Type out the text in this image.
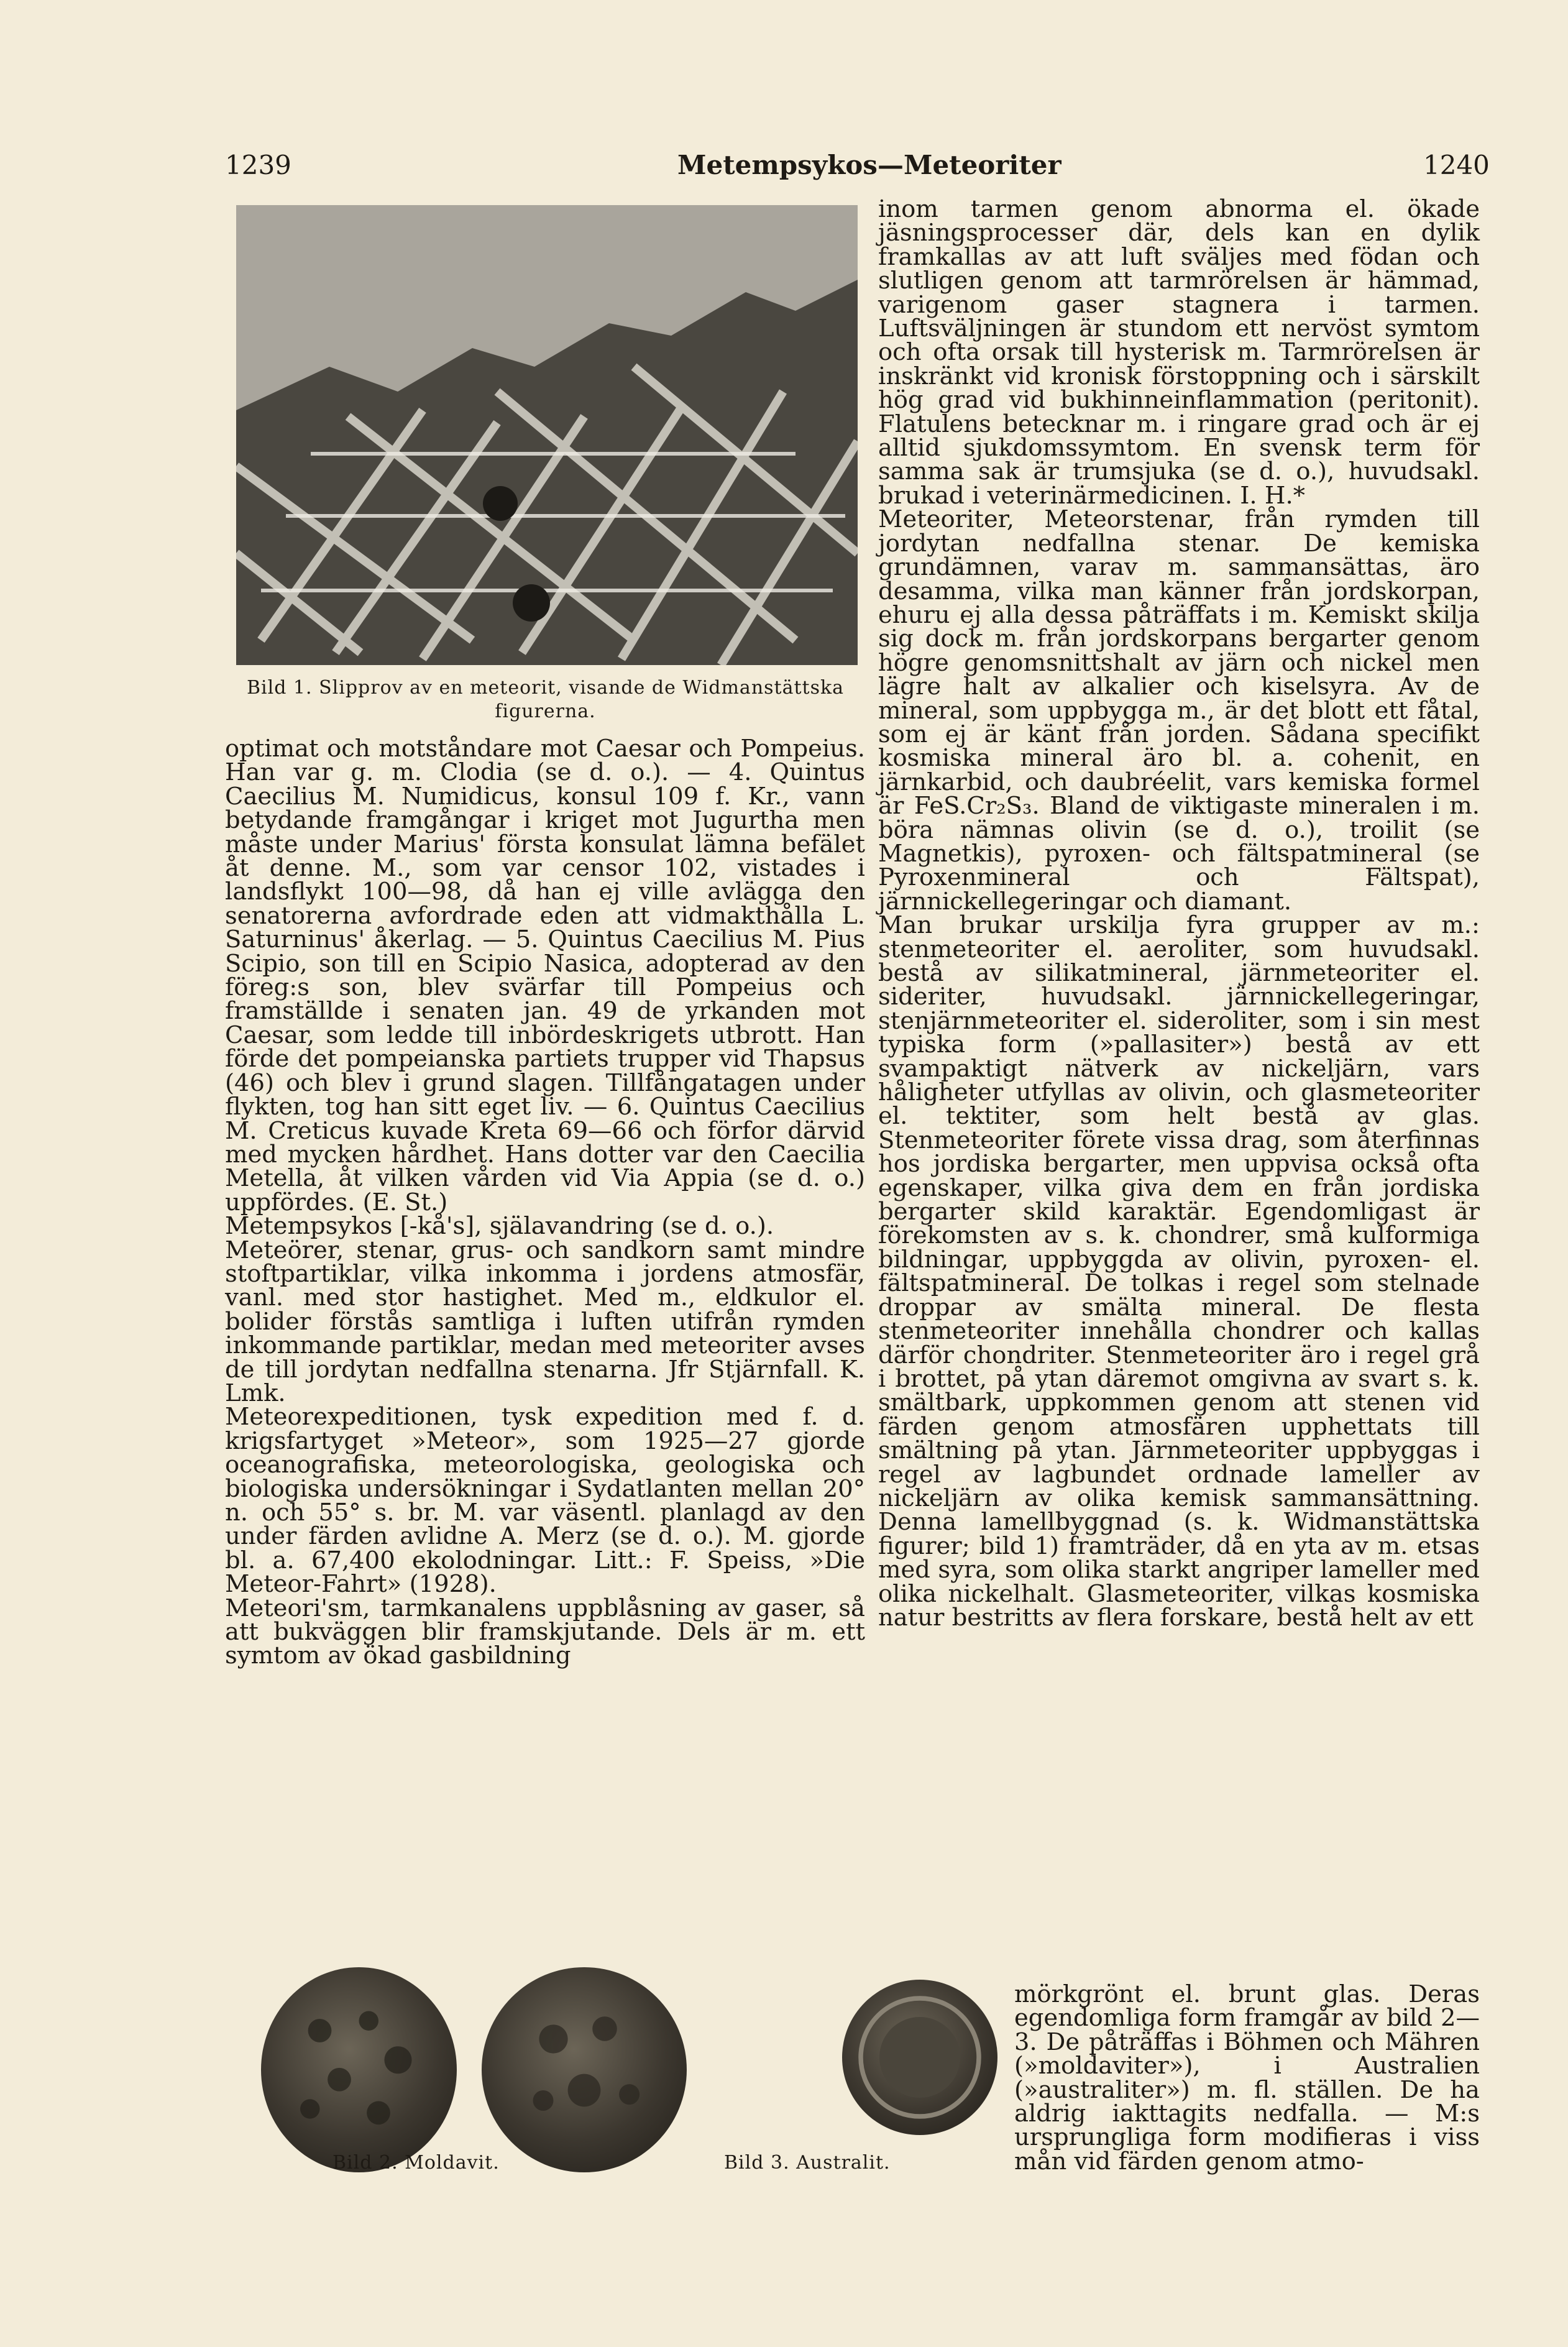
1239	Metempsykos—Meteoriter	1240
Bild 1. Slipprov av en meteorit, visande de Widmanstättska figurerna.

optimat och motståndare mot Caesar och Pompeius. Han var g. m. Clodia (se d. o.). — 4. Quintus Caecilius M. Numidicus, konsul 109 f. Kr., vann betydande framgångar i kriget mot Jugurtha men måste under Marius' första konsulat lämna befälet åt denne. M., som var censor 102, vistades i landsflykt 100—98, då han ej ville avlägga den senatorerna avfordrade eden att vidmakthålla L. Saturninus' åkerlag. — 5. Quintus Caecilius M. Pius Scipio, son till en Scipio Nasica, adopterad av den föreg:s son, blev svärfar till Pompeius och framställde i senaten jan. 49 de yrkanden mot Caesar, som ledde till inbördeskrigets utbrott. Han förde det pompeianska partiets trupper vid Thapsus (46) och blev i grund slagen. Tillfångatagen under flykten, tog han sitt eget liv. — 6. Quintus Caecilius M. Creticus kuvade Kreta 69—66 och förfor därvid med mycken hårdhet. Hans dotter var den Caecilia Metella, åt vilken vården vid Via Appia (se d. o.) uppfördes. (E. St.)

Metempsykos [-kå's], själavandring (se d. o.).

Meteörer, stenar, grus- och sandkorn samt mindre stoftpartiklar, vilka inkomma i jordens atmosfär, vanl. med stor hastighet. Med m., eldkulor el. bolider förstås samtliga i luften utifrån rymden inkommande partiklar, medan med meteoriter avses de till jordytan nedfallna stenarna. Jfr Stjärnfall. K. Lmk.

Meteorexpeditionen, tysk expedition med f. d. krigsfartyget »Meteor», som 1925—27 gjorde oceanografiska, meteorologiska, geologiska och biologiska undersökningar i Sydatlanten mellan 20° n. och 55° s. br. M. var väsentl. planlagd av den under färden avlidne A. Merz (se d. o.). M. gjorde bl. a. 67,400 ekolodningar. Litt.: F. Speiss, »Die Meteor-Fahrt» (1928).

Meteori'sm, tarmkanalens uppblåsning av gaser, så att bukväggen blir framskjutande. Dels är m. ett symtom av ökad gasbildning

inom tarmen genom abnorma el. ökade jäsningsprocesser där, dels kan en dylik framkallas av att luft sväljes med födan och slutligen genom att tarmrörelsen är hämmad, varigenom gaser stagnera i tarmen. Luftsväljningen är stundom ett nervöst symtom och ofta orsak till hysterisk m. Tarmrörelsen är inskränkt vid kronisk förstoppning och i särskilt hög grad vid bukhinneinflammation (peritonit). Flatulens betecknar m. i ringare grad och är ej alltid sjukdomssymtom. En svensk term för samma sak är trumsjuka (se d. o.), huvudsakl. brukad i veterinärmedicinen. I. H.*

Meteoriter, Meteorstenar, från rymden till jordytan nedfallna stenar. De kemiska grundämnen, varav m. sammansättas, äro desamma, vilka man känner från jordskorpan, ehuru ej alla dessa påträffats i m. Kemiskt skilja sig dock m. från jordskorpans bergarter genom högre genomsnittshalt av järn och nickel men lägre halt av alkalier och kiselsyra. Av de mineral, som uppbygga m., är det blott ett fåtal, som ej är känt från jorden. Sådana specifikt kosmiska mineral äro bl. a. cohenit, en järnkarbid, och daubréelit, vars kemiska formel är FeS.Cr₂S₃. Bland de viktigaste mineralen i m. böra nämnas olivin (se d. o.), troilit (se Magnetkis), pyroxen- och fältspatmineral (se Pyroxenmineral och Fältspat), järnnickellegeringar och diamant.

Man brukar urskilja fyra grupper av m.: stenmeteoriter el. aeroliter, som huvudsakl. bestå av silikatmineral, järnmeteoriter el. sideriter, huvudsakl. järnnickellegeringar, stenjärnmeteoriter el. sideroliter, som i sin mest typiska form (»pallasiter») bestå av ett svampaktigt nätverk av nickeljärn, vars håligheter utfyllas av olivin, och glasmeteoriter el. tektiter, som helt bestå av glas. Stenmeteoriter förete vissa drag, som återfinnas hos jordiska bergarter, men uppvisa också ofta egenskaper, vilka giva dem en från jordiska bergarter skild karaktär. Egendomligast är förekomsten av s. k. chondrer, små kulformiga bildningar, uppbyggda av olivin, pyroxen- el. fältspatmineral. De tolkas i regel som stelnade droppar av smälta mineral. De flesta stenmeteoriter innehålla chondrer och kallas därför chondriter. Stenmeteoriter äro i regel grå i brottet, på ytan däremot omgivna av svart s. k. smältbark, uppkommen genom att stenen vid färden genom atmosfären upphettats till smältning på ytan. Järnmeteoriter uppbyggas i regel av lagbundet ordnade lameller av nickeljärn av olika kemisk sammansättning. Denna lamellbyggnad (s. k. Widmanstättska figurer; bild 1) framträder, då en yta av m. etsas med syra, som olika starkt angriper lameller med olika nickelhalt. Glasmeteoriter, vilkas kosmiska natur bestritts av flera forskare, bestå helt av ett

mörkgrönt el. brunt glas. Deras egendomliga form framgår av bild 2—3. De påträffas i Böhmen och Mähren (»moldaviter»), i Australien (»australiter») m. fl. ställen. De ha aldrig iakttagits nedfalla. — M:s ursprungliga form modifieras i viss mån vid färden genom atmo-

Bild 2. Moldavit.	Bild 3. Australit.
